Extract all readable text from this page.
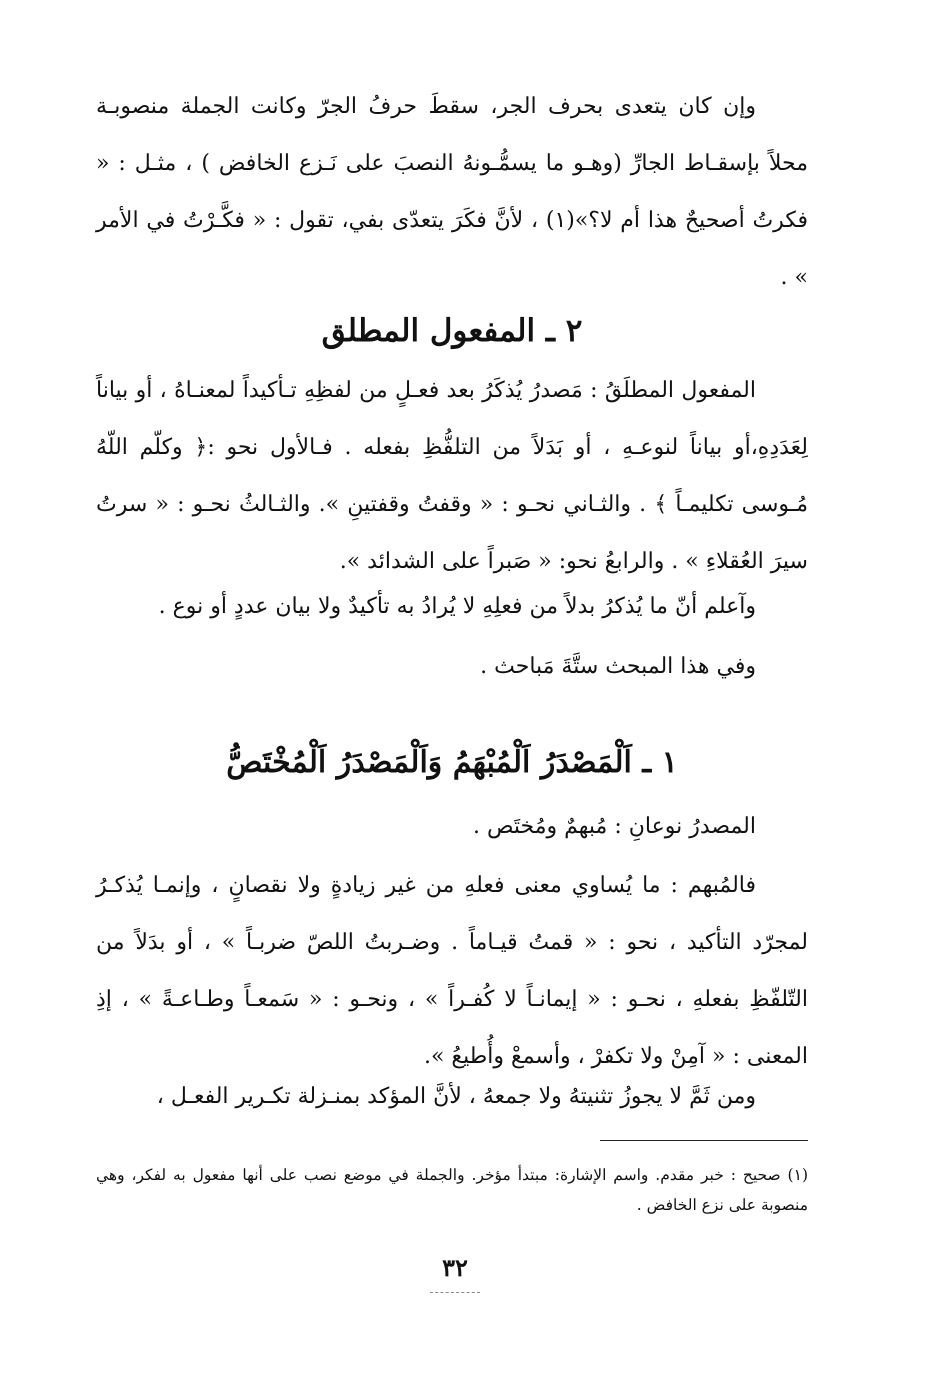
وإن كان يتعدى بحرف الجر، سقطَ حرفُ الجرّ وكانت الجملة منصوبـة محلاً بإسقـاط الجارِّ (وهـو ما يسمُّـونهُ النصبَ على نَـزع الخافض ) ، مثـل : « فكرتُ أصحيحٌ هذا أم لا؟»(١) ، لأنَّ فكَرَ يتعدّى بفي، تقول : « فكَّـرْتُ في الأمر » .

٢ ـ المفعول المطلق

المفعول المطلَقُ : مَصدرُ يُذكَرُ بعد فعـلٍ من لفظِهِ تـأكيداً لمعنـاهُ ، أو بياناً لِعَدَدِهِ،أو بياناً لنوعـهِ ، أو بَدَلاً من التلفُّظِ بفعله . فـالأول نحو :﴿ وكلّم اللّهُ مُـوسى تكليمـاً ﴾ . والثـاني نحـو : « وقفتُ وقفتينِ ». والثـالثُ نحـو : « سرتُ سيرَ العُقلاءِ » . والرابعُ نحو: « صَبراً على الشدائد ».

وآعلم أنّ ما يُذكرُ بدلاً من فعلِهِ لا يُرادُ به تأكيدٌ ولا بيان عددٍ أو نوع .

وفي هذا المبحث ستَّةَ مَباحث .

١ ـ اَلْمَصْدَرُ اَلْمُبْهَمُ وَاَلْمَصْدَرُ اَلْمُخْتَصُّ

المصدرُ نوعانِ : مُبهمٌ ومُختَص .

فالمُبهم : ما يُساوي معنى فعلهِ من غير زيادةٍ ولا نقصانٍ ، وإنمـا يُذكـرُ لمجرّد التأكيد ، نحو : « قمتُ قيـاماً . وضـربتُ اللصّ ضربـاً » ، أو بدَلاً من التّلفّظِ بفعلهِ ، نحـو : « إيمانـاً لا كُفـراً » ، ونحـو : « سَمعـاً وطـاعـةً » ، إذِ المعنى : « آمِنْ ولا تكفرْ ، وأسمعْ وأُطيعُ ».

ومن ثَمَّ لا يجوزُ تثنيتهُ ولا جمعهُ ، لأنَّ المؤكد بمنـزلة تكـرير الفعـل ،

(١) صحيح : خبر مقدم. واسم الإشارة: مبتدأ مؤخر. والجملة في موضع نصب على أنها مفعول به لفكر، وهي منصوبة على نزع الخافض .

٣٢
